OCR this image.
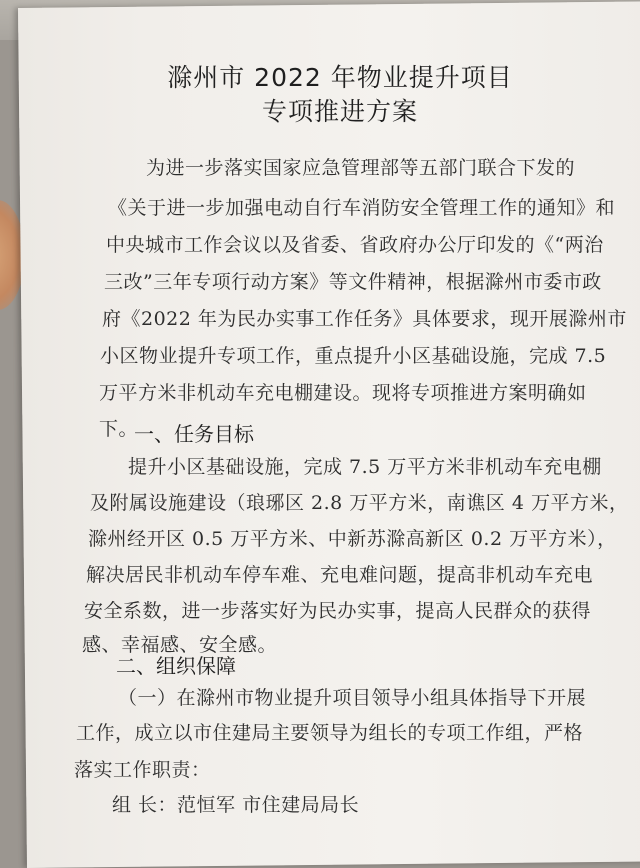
滁州市 2022 年物业提升项目
专项推进方案
为进一步落实国家应急管理部等五部门联合下发的
《关于进一步加强电动自行车消防安全管理工作的通知》和
中央城市工作会议以及省委、省政府办公厅印发的《“两治
三改”三年专项行动方案》等文件精神，根据滁州市委市政
府《2022 年为民办实事工作任务》具体要求，现开展滁州市
小区物业提升专项工作，重点提升小区基础设施，完成 7.5
万平方米非机动车充电棚建设。现将专项推进方案明确如
下。
一、任务目标
提升小区基础设施，完成 7.5 万平方米非机动车充电棚
及附属设施建设（琅琊区 2.8 万平方米，南谯区 4 万平方米，
滁州经开区 0.5 万平方米、中新苏滁高新区 0.2 万平方米），
解决居民非机动车停车难、充电难问题，提高非机动车充电
安全系数，进一步落实好为民办实事，提高人民群众的获得
感、幸福感、安全感。
二、组织保障
（一）在滁州市物业提升项目领导小组具体指导下开展
工作，成立以市住建局主要领导为组长的专项工作组，严格
落实工作职责：
组 长：范恒军 市住建局局长
